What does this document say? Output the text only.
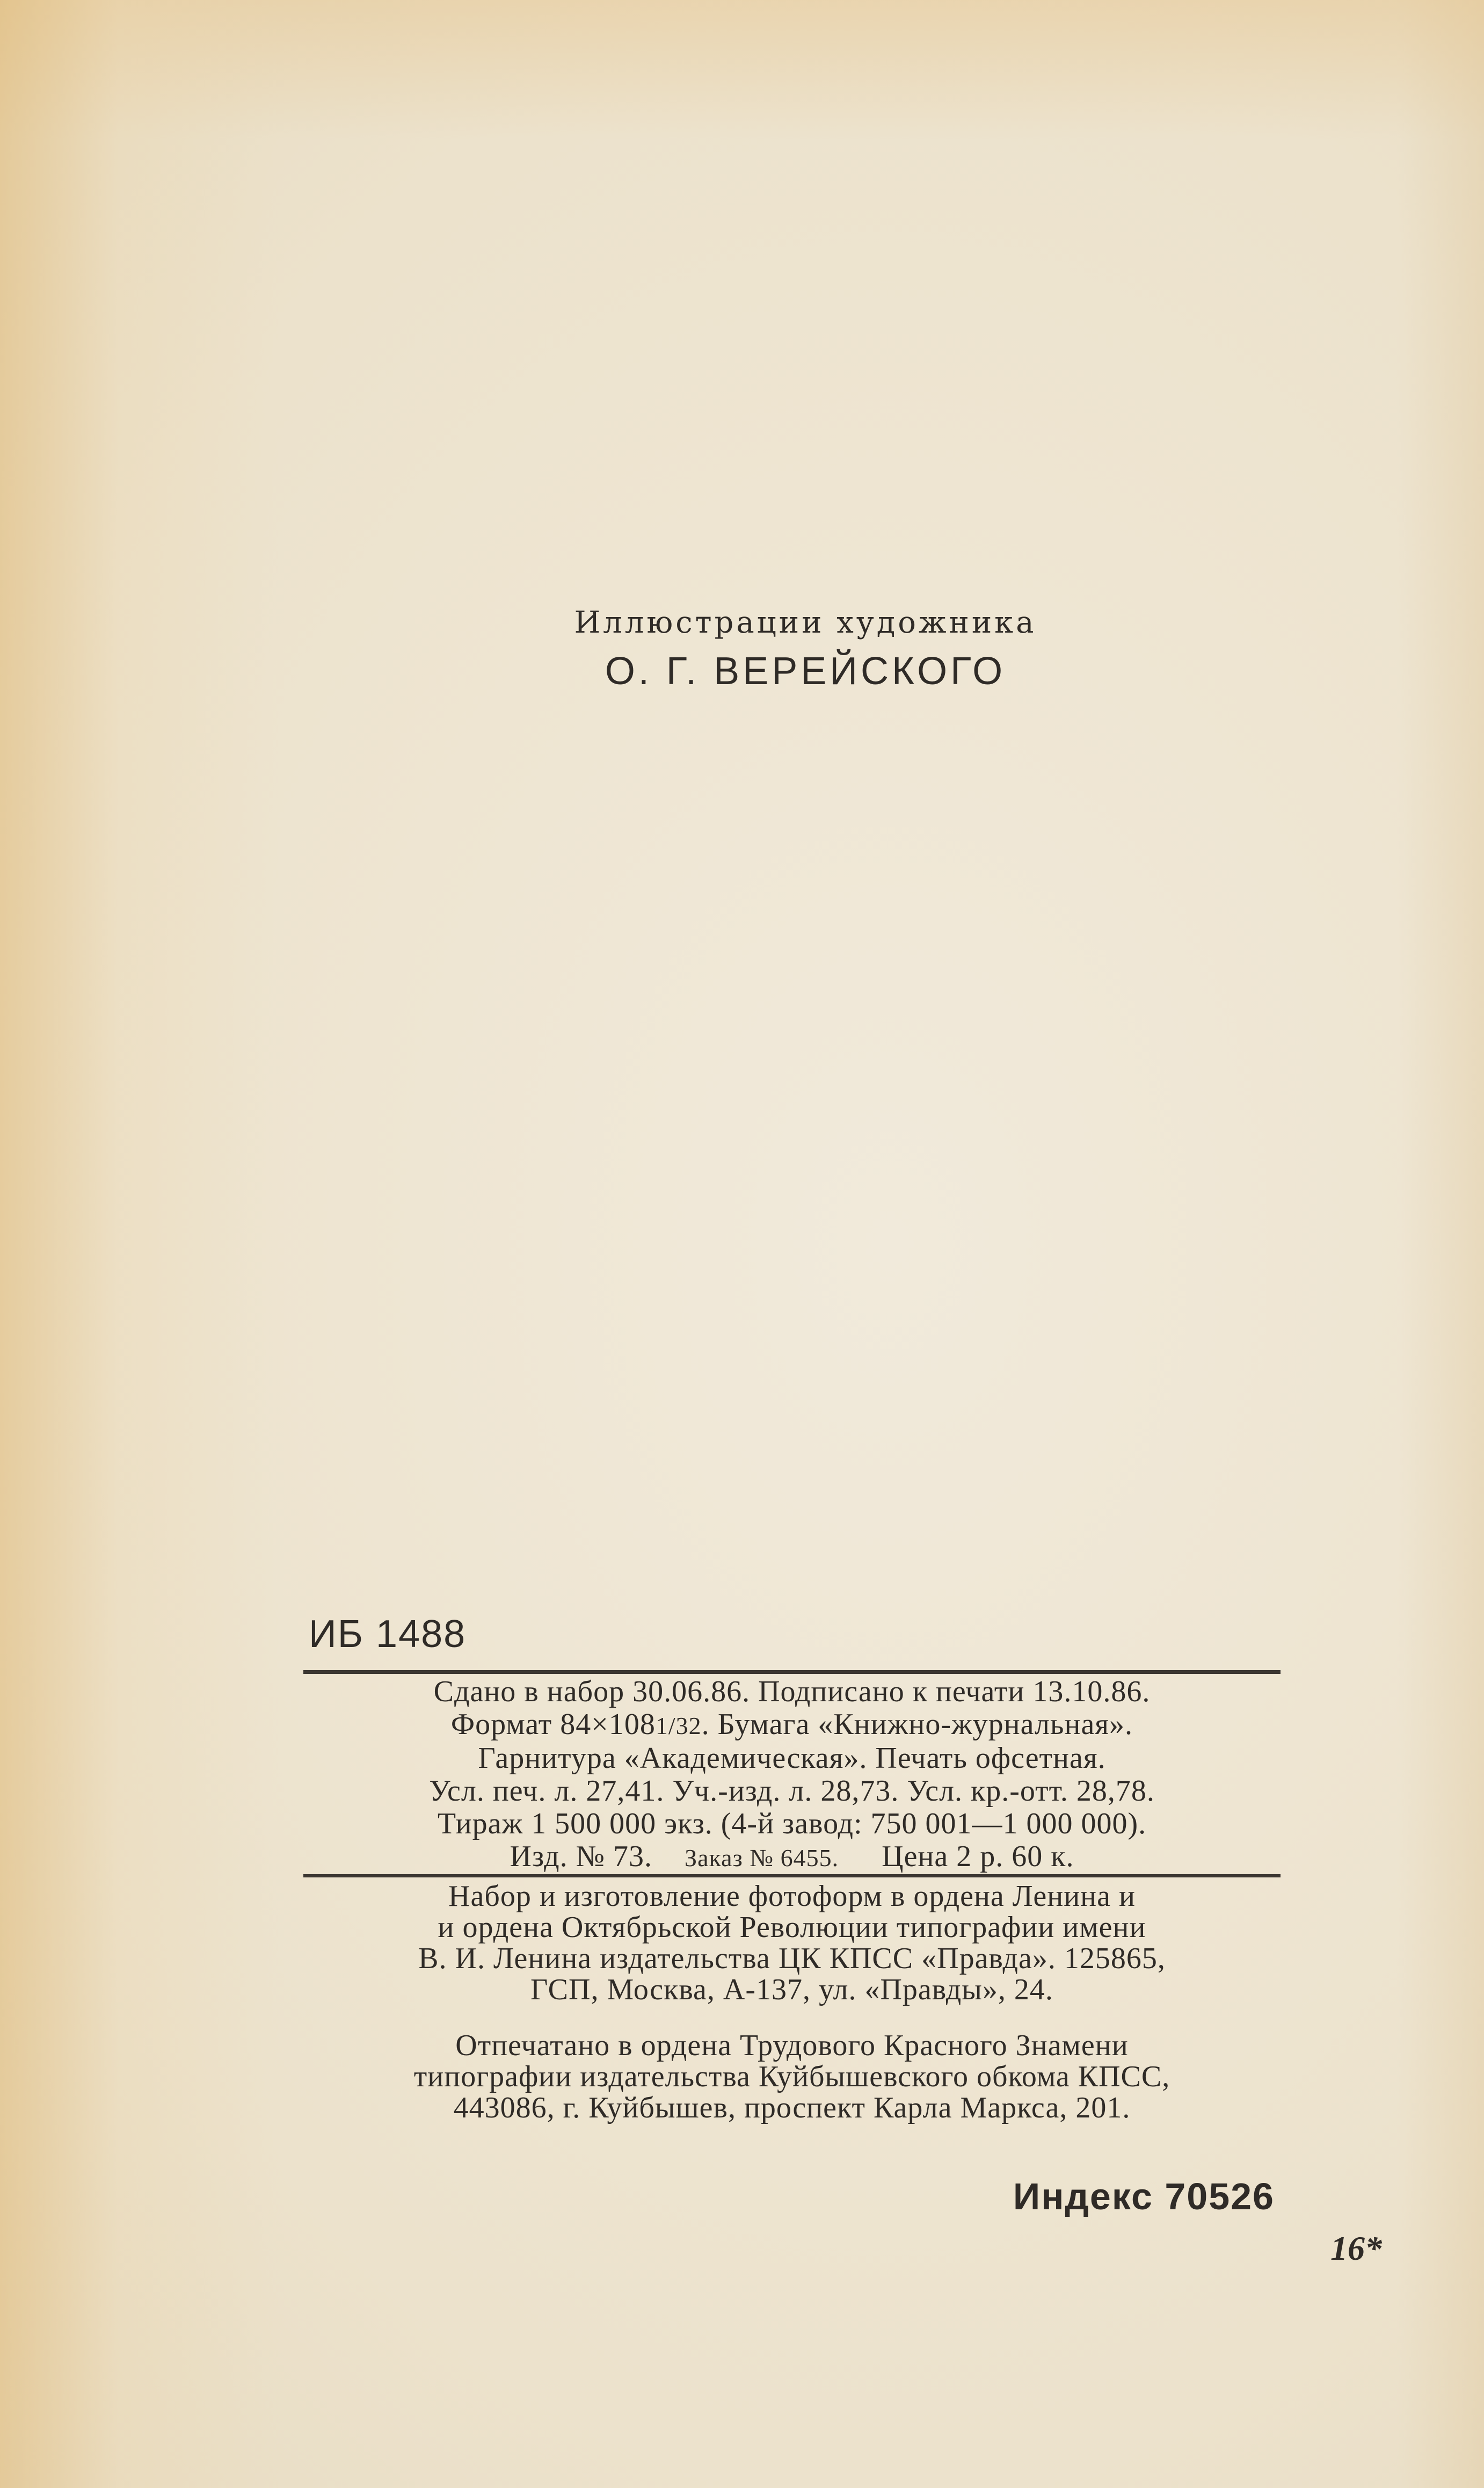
Иллюстрации художника
О. Г. ВЕРЕЙСКОГО
ИБ 1488
Сдано в набор 30.06.86. Подписано к печати 13.10.86.
Формат 84×1081/32. Бумага «Книжно-журнальная».
Гарнитура «Академическая». Печать офсетная.
Усл. печ. л. 27,41. Уч.-изд. л. 28,73. Усл. кр.-отт. 28,78.
Тираж 1 500 000 экз. (4-й завод: 750 001—1 000 000).
Изд. № 73. Заказ № 6455. Цена 2 р. 60 к.
Набор и изготовление фотоформ в ордена Ленина и
и ордена Октябрьской Революции типографии имени
В. И. Ленина издательства ЦК КПСС «Правда». 125865,
ГСП, Москва, А-137, ул. «Правды», 24.
Отпечатано в ордена Трудового Красного Знамени
типографии издательства Куйбышевского обкома КПСС,
443086, г. Куйбышев, проспект Карла Маркса, 201.
Индекс 70526
16*
